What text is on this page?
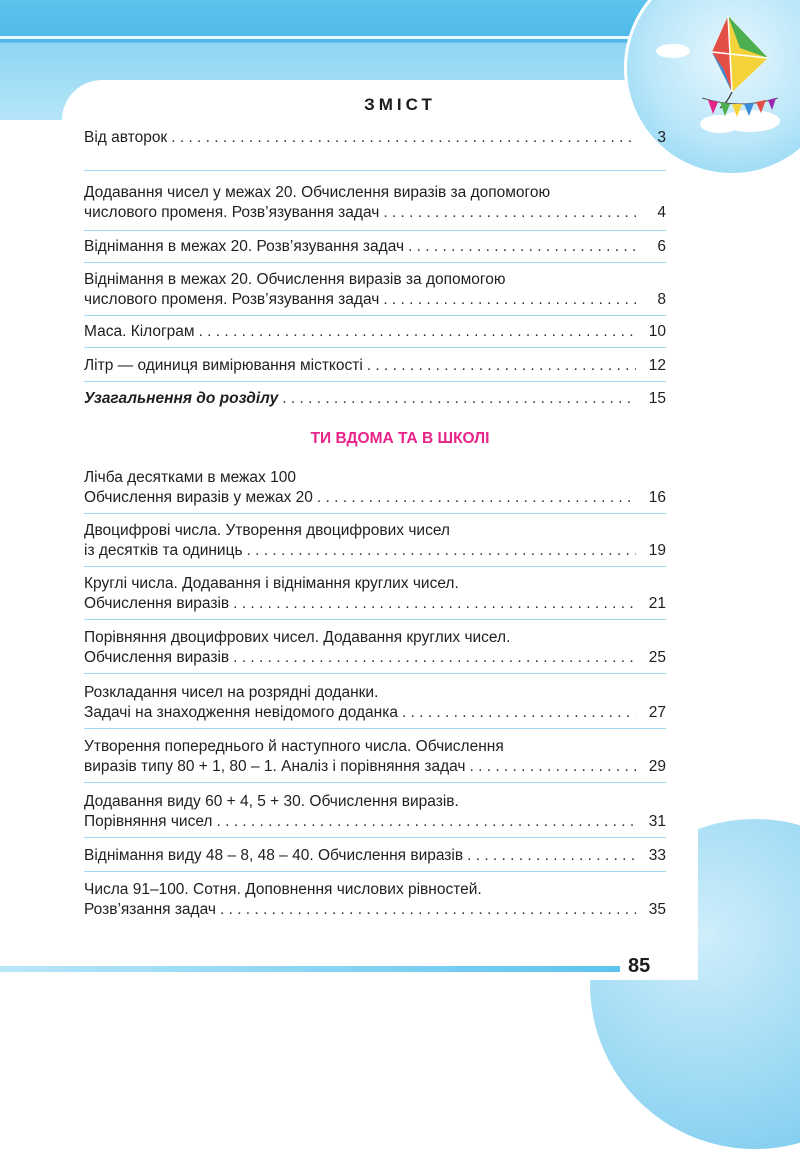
ЗМІСТ
Від авторок . . .	3
Додавання чисел у межах 20. Обчислення виразів за допомогою
числового променя. Розв’язування задач . . .	4
Віднімання в межах 20. Розв’язування задач . . .	6
Віднімання в межах 20. Обчислення виразів за допомогою
числового променя. Розв’язування задач . . .	8
Маса. Кілограм . . .	10
Літр — одиниця вимірювання місткості . . .	12
Узагальнення до розділу . . .	15
ТИ ВДОМА ТА В ШКОЛІ
Лічба десятками в межах 100
Обчислення виразів у межах 20 . . .	16
Двоцифрові числа. Утворення двоцифрових чисел
із десятків та одиниць . . .	19
Круглі числа. Додавання і віднімання круглих чисел.
Обчислення виразів . . .	21
Порівняння двоцифрових чисел. Додавання круглих чисел.
Обчислення виразів . . .	25
Розкладання чисел на розрядні доданки.
Задачі на знаходження невідомого доданка . . .	27
Утворення попереднього й наступного числа. Обчислення
виразів типу 80 + 1, 80 – 1. Аналіз і порівняння задач . . .	29
Додавання виду 60 + 4, 5 + 30. Обчислення виразів.
Порівняння чисел . . .	31
Віднімання виду 48 – 8, 48 – 40. Обчислення виразів . . .	33
Числа 91–100. Сотня. Доповнення числових рівностей.
Розв’язання задач . . .	35
85
